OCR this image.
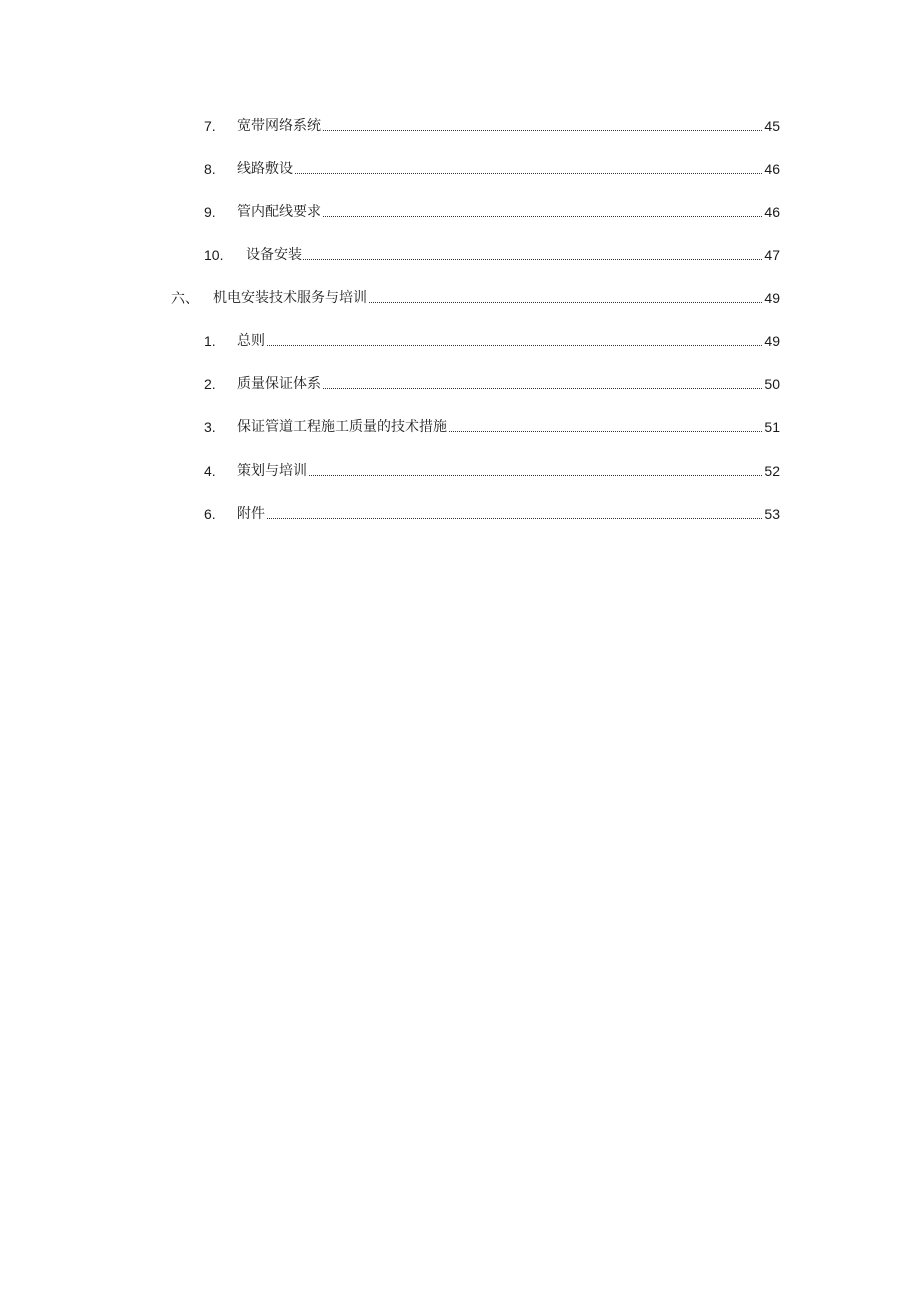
7. 宽带网络系统	45
8. 线路敷设	46
9. 管内配线要求	46
10. 设备安装	47
六、 机电安装技术服务与培训	49
1. 总则	49
2. 质量保证体系	50
3. 保证管道工程施工质量的技术措施	51
4. 策划与培训	52
6. 附件	53
